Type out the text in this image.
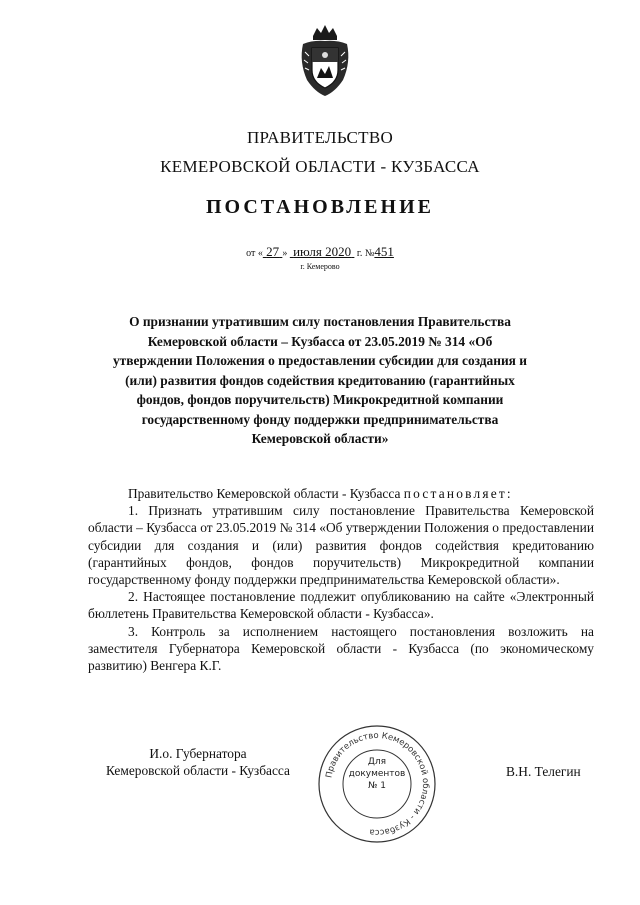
ПРАВИТЕЛЬСТВО
КЕМЕРОВСКОЙ ОБЛАСТИ - КУЗБАССА
ПОСТАНОВЛЕНИЕ
от « 27 » июля 2020 г. №451
г. Кемерово
О признании утратившим силу постановления Правительства Кемеровской области – Кузбасса от 23.05.2019 № 314 «Об утверждении Положения о предоставлении субсидии для создания и (или) развития фондов содействия кредитованию (гарантийных фондов, фондов поручительств) Микрокредитной компании государственному фонду поддержки предпринимательства Кемеровской области»

Правительство Кемеровской области - Кузбасса постановляет:

1. Признать утратившим силу постановление Правительства Кемеровской области – Кузбасса от 23.05.2019 № 314 «Об утверждении Положения о предоставлении субсидии для создания и (или) развития фондов содействия кредитованию (гарантийных фондов, фондов поручительств) Микрокредитной компании государственному фонду поддержки предпринимательства Кемеровской области».

2. Настоящее постановление подлежит опубликованию на сайте «Электронный бюллетень Правительства Кемеровской области - Кузбасса».

3. Контроль за исполнением настоящего постановления возложить на заместителя Губернатора Кемеровской области - Кузбасса (по экономическому развитию) Венгера К.Г.

И.о. Губернатора
Кемеровской области - Кузбасса	Правительство Кемеровской области - Кузбасса
Для
документов
№ 1
В.Н. Телегин
